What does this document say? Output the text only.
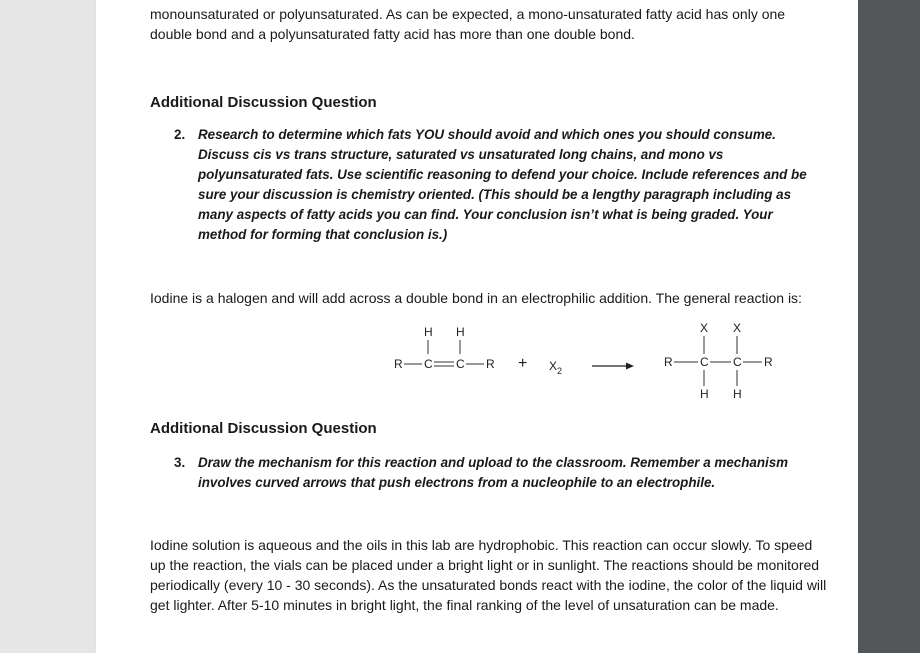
monounsaturated or polyunsaturated. As can be expected, a mono-unsaturated fatty acid has only one double bond and a polyunsaturated fatty acid has more than one double bond.
Additional Discussion Question
2. Research to determine which fats YOU should avoid and which ones you should consume. Discuss cis vs trans structure, saturated vs unsaturated long chains, and mono vs polyunsaturated fats. Use scientific reasoning to defend your choice. Include references and be sure your discussion is chemistry oriented. (This should be a lengthy paragraph including as many aspects of fatty acids you can find. Your conclusion isn’t what is being graded. Your method for forming that conclusion is.)
Iodine is a halogen and will add across a double bond in an electrophilic addition. The general reaction is:
H H
R C C R + X 2
X X
R C C R
H H
Additional Discussion Question
3. Draw the mechanism for this reaction and upload to the classroom. Remember a mechanism involves curved arrows that push electrons from a nucleophile to an electrophile.
Iodine solution is aqueous and the oils in this lab are hydrophobic. This reaction can occur slowly. To speed up the reaction, the vials can be placed under a bright light or in sunlight. The reactions should be monitored periodically (every 10 - 30 seconds). As the unsaturated bonds react with the iodine, the color of the liquid will get lighter. After 5-10 minutes in bright light, the final ranking of the level of unsaturation can be made.
